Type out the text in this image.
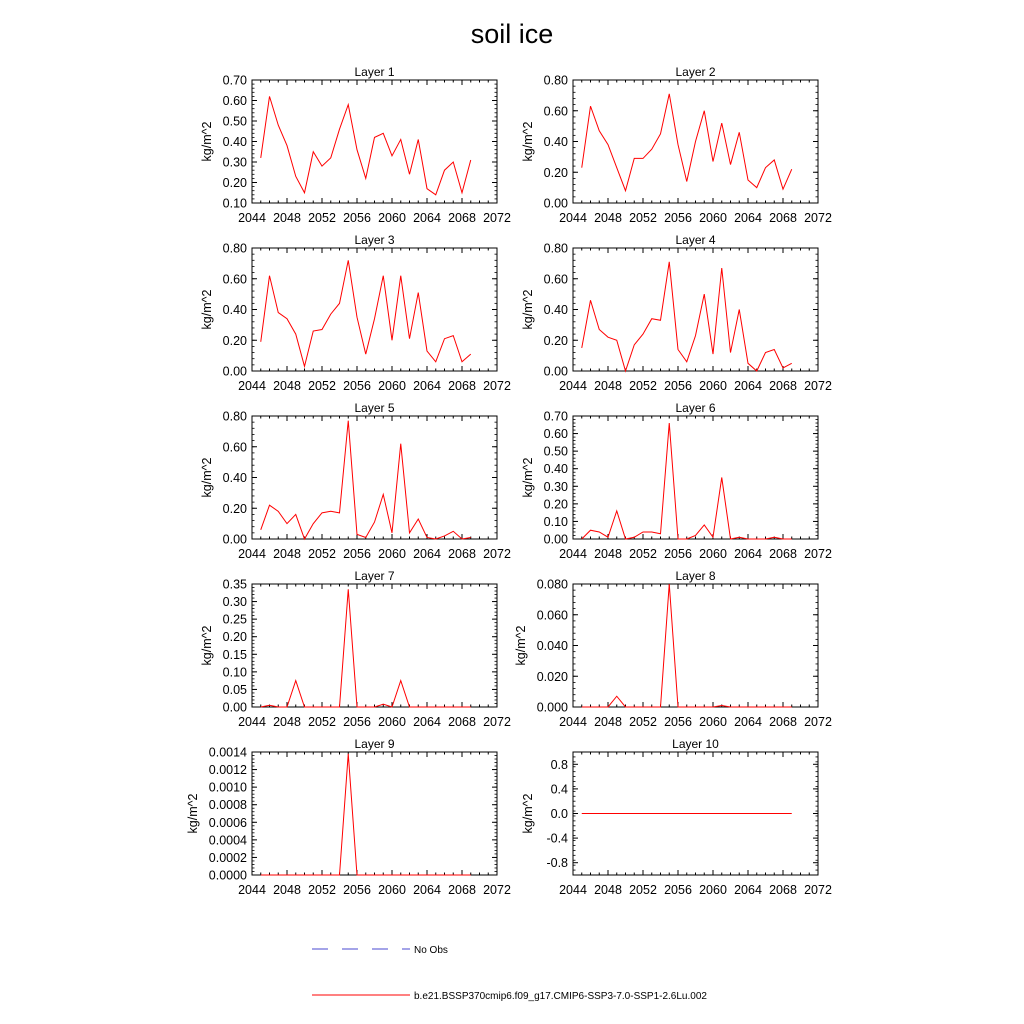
soil ice
Layer 1
2044 2048 2052 2056 2060 2064 2068 2072
0.10
0.20
0.30
0.40
0.50
0.60
0.70
kg/m^2
Layer 2
2044 2048 2052 2056 2060 2064 2068 2072
0.00
0.20
0.40
0.60
0.80
kg/m^2
Layer 3
2044 2048 2052 2056 2060 2064 2068 2072
0.00
0.20
0.40
0.60
0.80
kg/m^2
Layer 4
2044 2048 2052 2056 2060 2064 2068 2072
0.00
0.20
0.40
0.60
0.80
kg/m^2
Layer 5
2044 2048 2052 2056 2060 2064 2068 2072
0.00
0.20
0.40
0.60
0.80
kg/m^2
Layer 6
2044 2048 2052 2056 2060 2064 2068 2072
0.00
0.10
0.20
0.30
0.40
0.50
0.60
0.70
kg/m^2
Layer 7
2044 2048 2052 2056 2060 2064 2068 2072
0.00
0.05
0.10
0.15
0.20
0.25
0.30
0.35
kg/m^2
Layer 8
2044 2048 2052 2056 2060 2064 2068 2072
0.000
0.020
0.040
0.060
0.080
kg/m^2
Layer 9
2044 2048 2052 2056 2060 2064 2068 2072
0.0000
0.0002
0.0004
0.0006
0.0008
0.0010
0.0012
0.0014
kg/m^2
Layer 10
2044 2048 2052 2056 2060 2064 2068 2072
-0.8
-0.4
0.0
0.4
0.8
kg/m^2
No Obs
b.e21.BSSP370cmip6.f09_g17.CMIP6-SSP3-7.0-SSP1-2.6Lu.002
